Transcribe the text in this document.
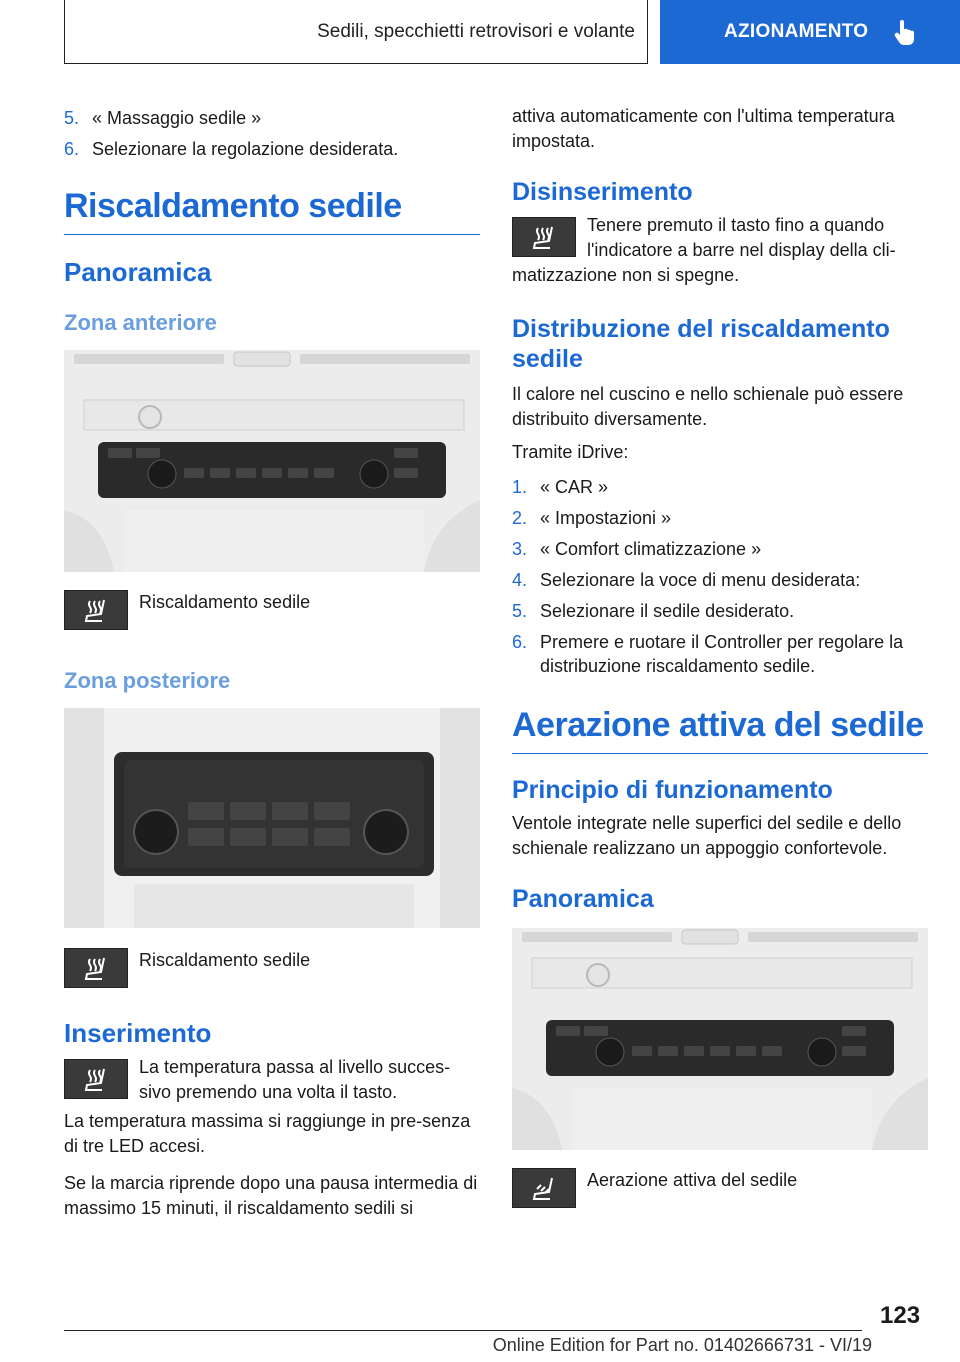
Sedili, specchietti retrovisori e volante	AZIONAMENTO
5. « Massaggio sedile »
6. Selezionare la regolazione desiderata.
Riscaldamento sedile
Panoramica
Zona anteriore
Riscaldamento sedile
Zona posteriore
Riscaldamento sedile
Inserimento

La temperatura passa al livello succes-sivo premendo una volta il tasto.

La temperatura massima si raggiunge in pre-senza di tre LED accesi.

Se la marcia riprende dopo una pausa intermedia di massimo 15 minuti, il riscaldamento sedili si

attiva automaticamente con l'ultima temperatura impostata.

Disinserimento

Tenere premuto il tasto fino a quando l'indicatore a barre nel display della cli-matizzazione non si spegne.

Distribuzione del riscaldamento sedile

Il calore nel cuscino e nello schienale può essere distribuito diversamente.

Tramite iDrive:

1. « CAR »
2. « Impostazioni »
3. « Comfort climatizzazione »
4. Selezionare la voce di menu desiderata:
5. Selezionare il sedile desiderato.
6. Premere e ruotare il Controller per regolare la distribuzione riscaldamento sedile.
Aerazione attiva del sedile
Principio di funzionamento

Ventole integrate nelle superfici del sedile e dello schienale realizzano un appoggio confortevole.

Panoramica
Aerazione attiva del sedile
123
Online Edition for Part no. 01402666731 - VI/19
